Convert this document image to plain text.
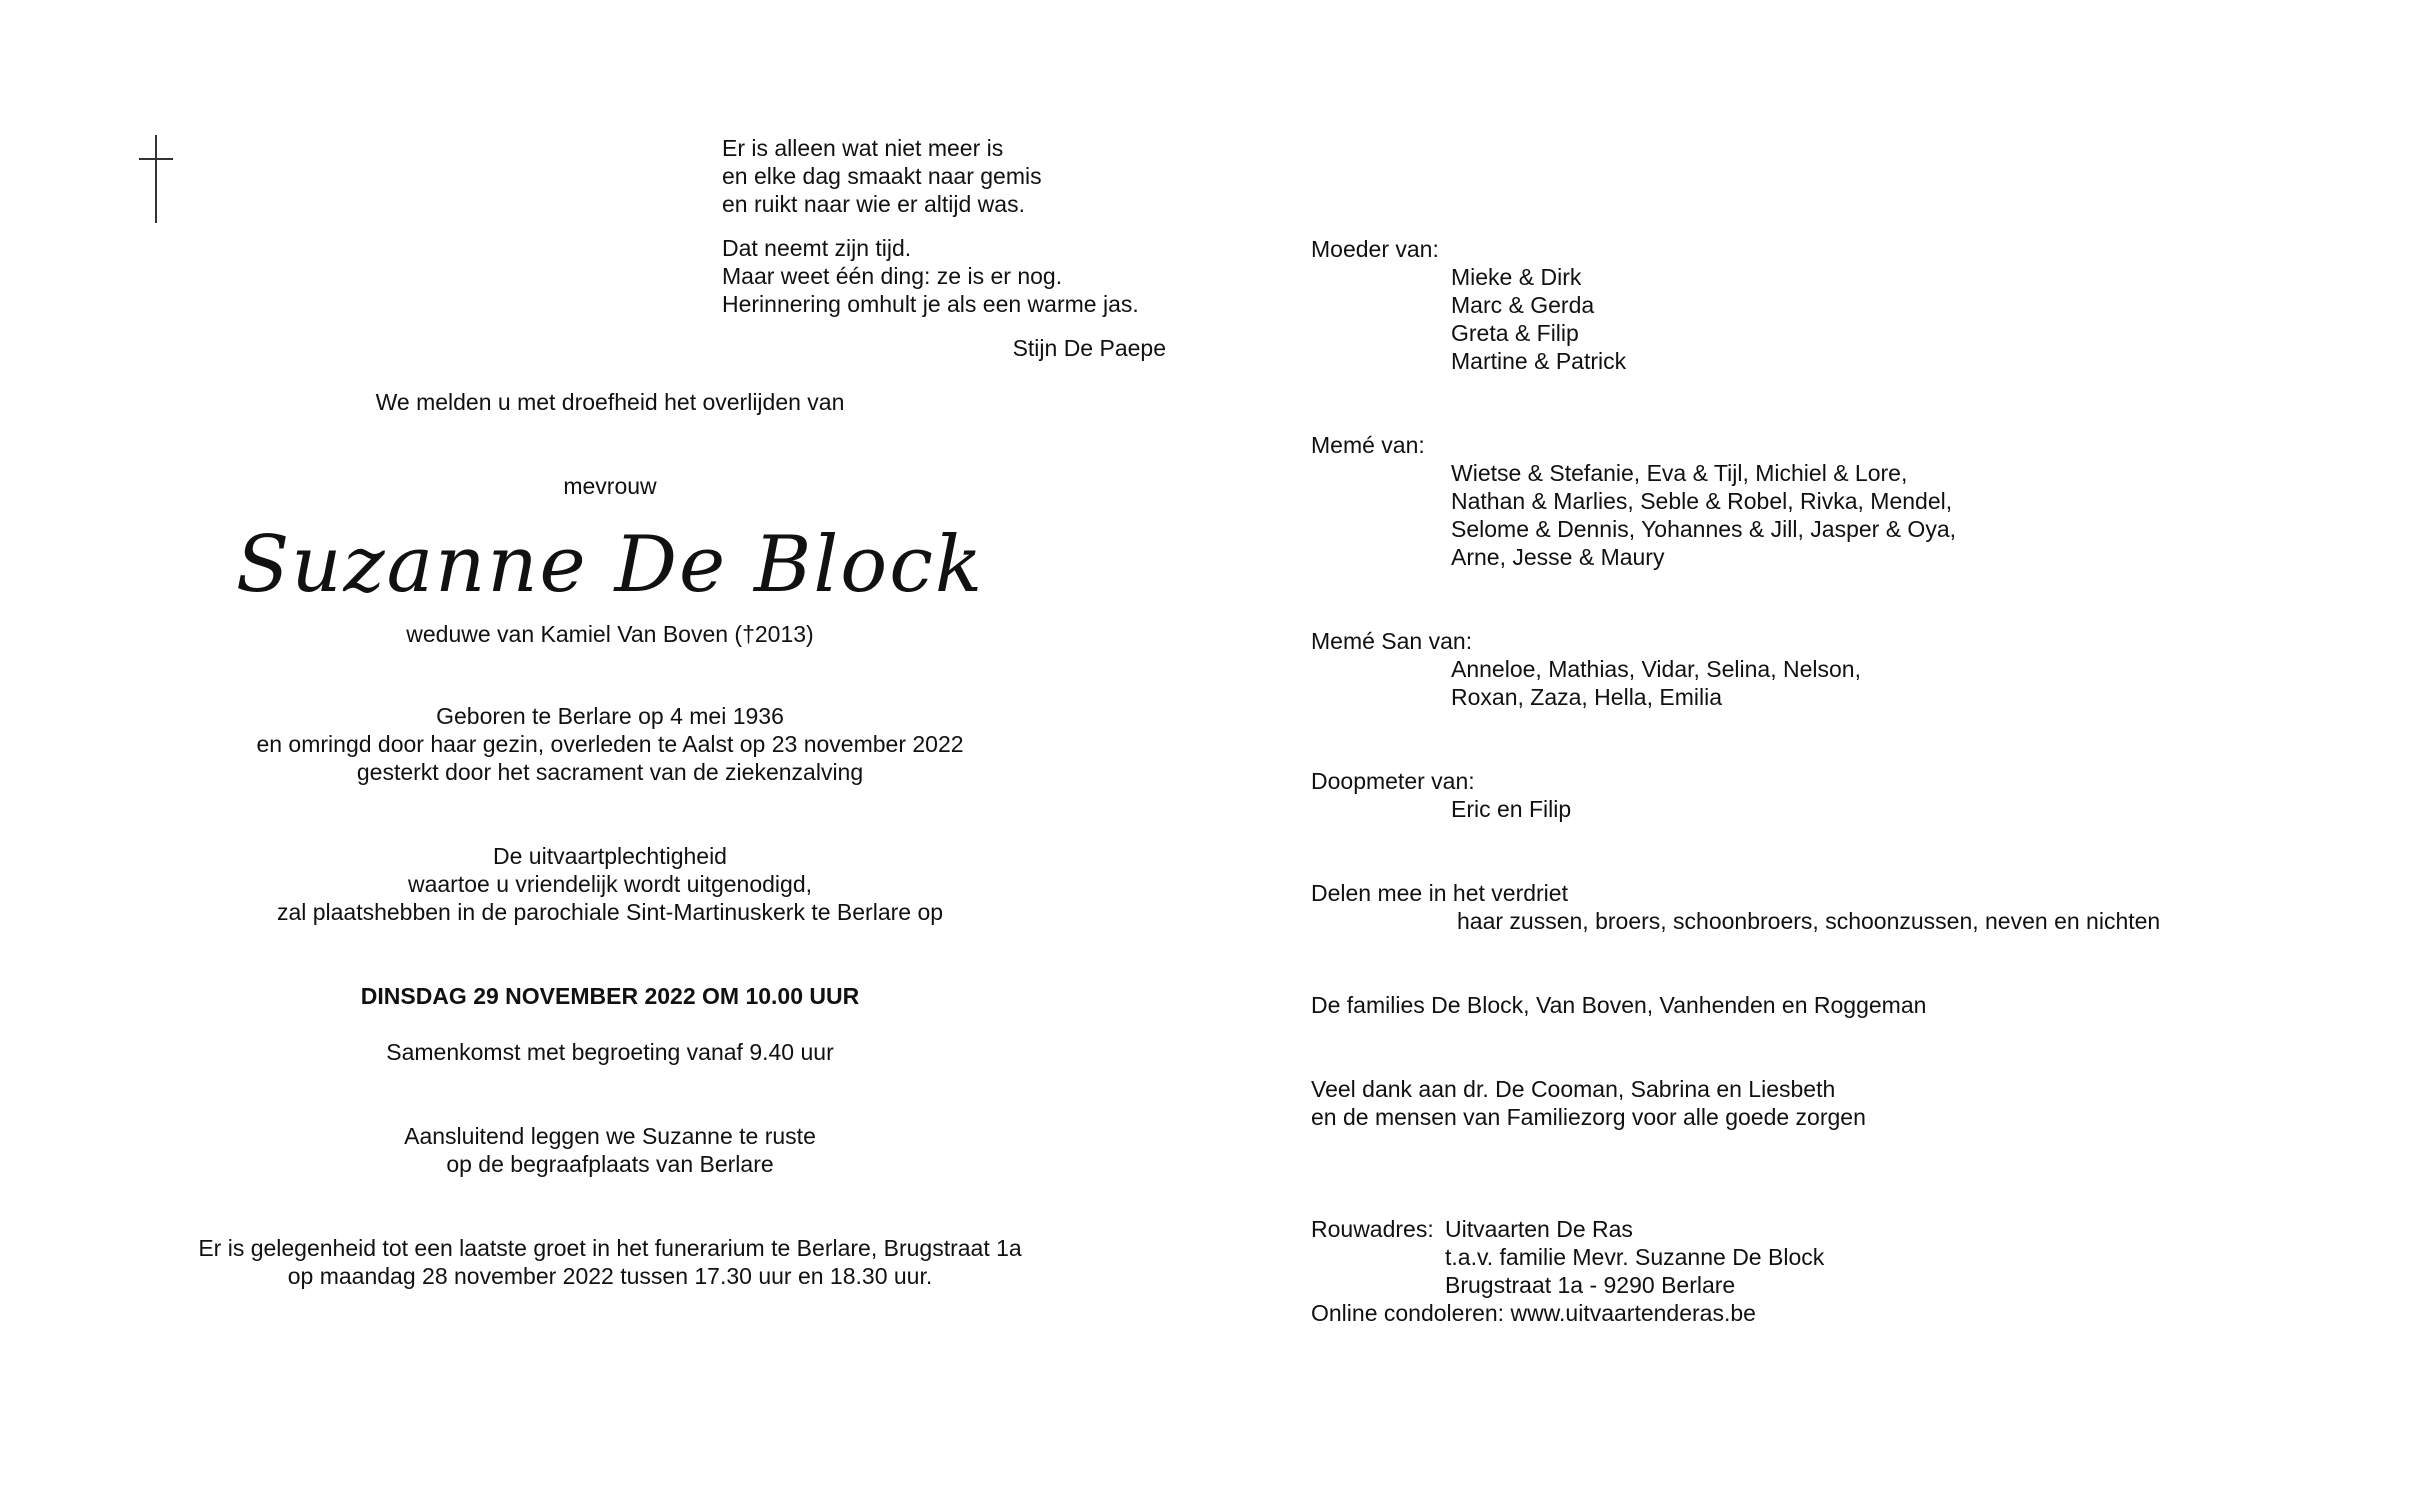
Er is alleen wat niet meer is
en elke dag smaakt naar gemis
en ruikt naar wie er altijd was.
Dat neemt zijn tijd.
Maar weet één ding: ze is er nog.
Herinnering omhult je als een warme jas.
Stijn De Paepe
We melden u met droefheid het overlijden van
mevrouw
Suzanne De Block
weduwe van Kamiel Van Boven (†2013)
Geboren te Berlare op 4 mei 1936
en omringd door haar gezin, overleden te Aalst op 23 november 2022
gesterkt door het sacrament van de ziekenzalving
De uitvaartplechtigheid
waartoe u vriendelijk wordt uitgenodigd,
zal plaatshebben in de parochiale Sint-Martinuskerk te Berlare op
DINSDAG 29 NOVEMBER 2022 OM 10.00 UUR
Samenkomst met begroeting vanaf 9.40 uur
Aansluitend leggen we Suzanne te ruste
op de begraafplaats van Berlare
Er is gelegenheid tot een laatste groet in het funerarium te Berlare, Brugstraat 1a
op maandag 28 november 2022 tussen 17.30 uur en 18.30 uur.
Moeder van:
Mieke & Dirk
Marc & Gerda
Greta & Filip
Martine & Patrick
Memé van:
Wietse & Stefanie, Eva & Tijl, Michiel & Lore,
Nathan & Marlies, Seble & Robel, Rivka, Mendel,
Selome & Dennis, Yohannes & Jill, Jasper & Oya,
Arne, Jesse & Maury
Memé San van:
Anneloe, Mathias, Vidar, Selina, Nelson,
Roxan, Zaza, Hella, Emilia
Doopmeter van:
Eric en Filip
Delen mee in het verdriet
haar zussen, broers, schoonbroers, schoonzussen, neven en nichten
De families De Block, Van Boven, Vanhenden en Roggeman
Veel dank aan dr. De Cooman, Sabrina en Liesbeth
en de mensen van Familiezorg voor alle goede zorgen
Rouwadres: Uitvaarten De Ras
t.a.v. familie Mevr. Suzanne De Block
Brugstraat 1a - 9290 Berlare
Online condoleren: www.uitvaartenderas.be
